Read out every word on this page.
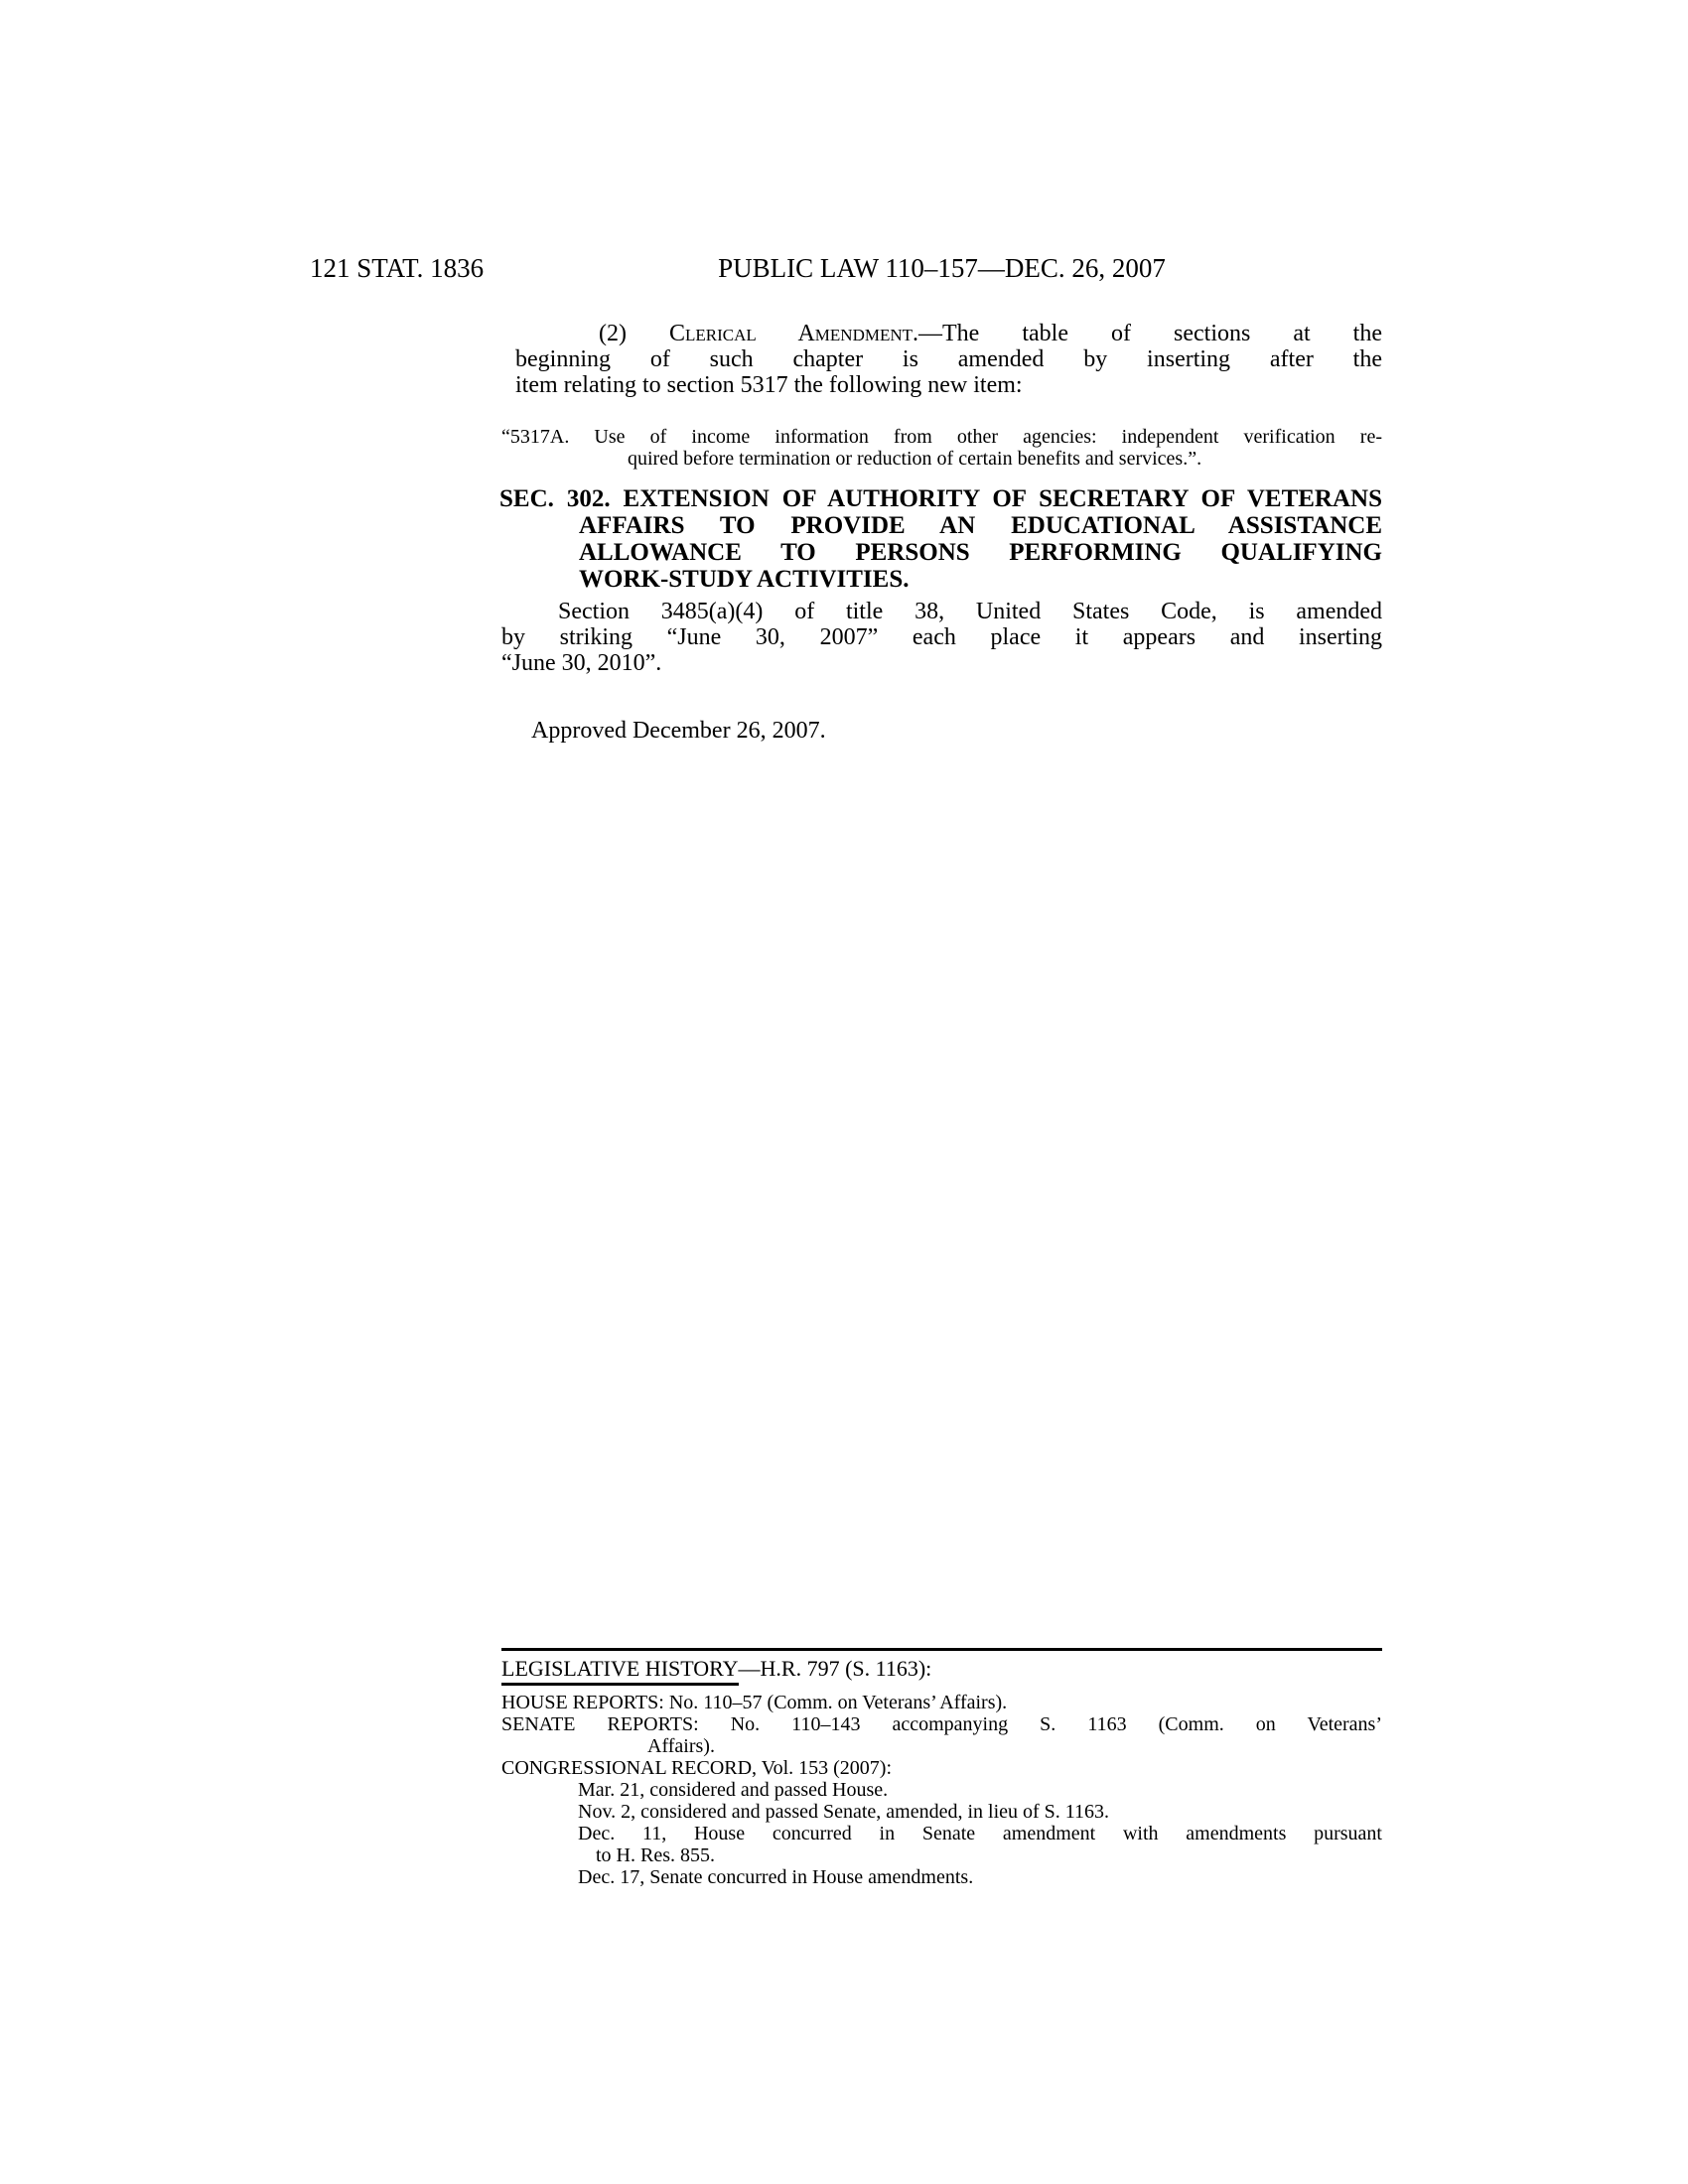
121 STAT. 1836	PUBLIC LAW 110–157—DEC. 26, 2007
(2) Clerical Amendment.—The table of sections at the
beginning of such chapter is amended by inserting after the
item relating to section 5317 the following new item:
“5317A. Use of income information from other agencies: independent verification re-
quired before termination or reduction of certain benefits and services.”.
SEC. 302. EXTENSION OF AUTHORITY OF SECRETARY OF VETERANS
AFFAIRS TO PROVIDE AN EDUCATIONAL ASSISTANCE
ALLOWANCE TO PERSONS PERFORMING QUALIFYING
WORK-STUDY ACTIVITIES.
Section 3485(a)(4) of title 38, United States Code, is amended
by striking “June 30, 2007” each place it appears and inserting
“June 30, 2010”.
Approved December 26, 2007.
LEGISLATIVE HISTORY—H.R. 797 (S. 1163):
HOUSE REPORTS: No. 110–57 (Comm. on Veterans’ Affairs).
SENATE REPORTS: No. 110–143 accompanying S. 1163 (Comm. on Veterans’
Affairs).
CONGRESSIONAL RECORD, Vol. 153 (2007):
Mar. 21, considered and passed House.
Nov. 2, considered and passed Senate, amended, in lieu of S. 1163.
Dec. 11, House concurred in Senate amendment with amendments pursuant
to H. Res. 855.
Dec. 17, Senate concurred in House amendments.
